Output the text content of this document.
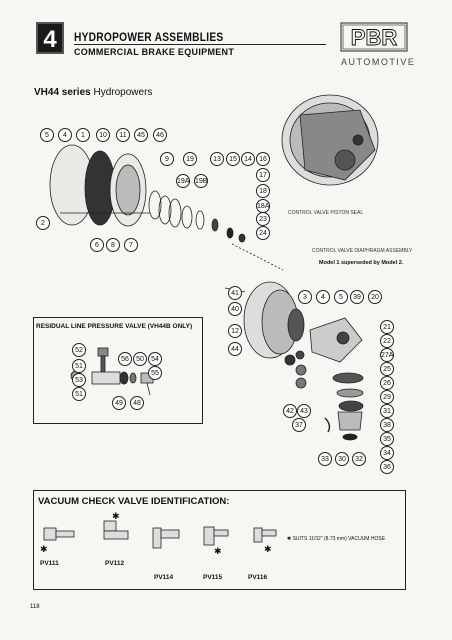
4	HYDROPOWER ASSEMBLIES
COMMERCIAL BRAKE EQUIPMENT
PBR
AUTOMOTIVE
VH44 series Hydropowers
✱
✱	✱	✱
5	4	1	10	11	45	46
9	19	13	15	14	16
19A 19B
17
18
18A
23
24
2
6	8	7
41
40
12
44
3	4	5	39	20
21
22
27A
25
26
29
31
38
35
34
36
42 43
37
33	30	32
52
51
53
51
56	50	54
55
49	48
CONTROL VALVE PISTON SEAL
CONTROL VALVE DIAPHRAGM ASSEMBLY
Model 1 superseded by Model 2.
RESIDUAL LINE PRESSURE VALVE (VH44B ONLY)
VACUUM CHECK VALVE IDENTIFICATION:
PV111	PV112
PV114	PV115	PV116
✱ SUITS 11/32" (8.73 mm) VACUUM HOSE
118
